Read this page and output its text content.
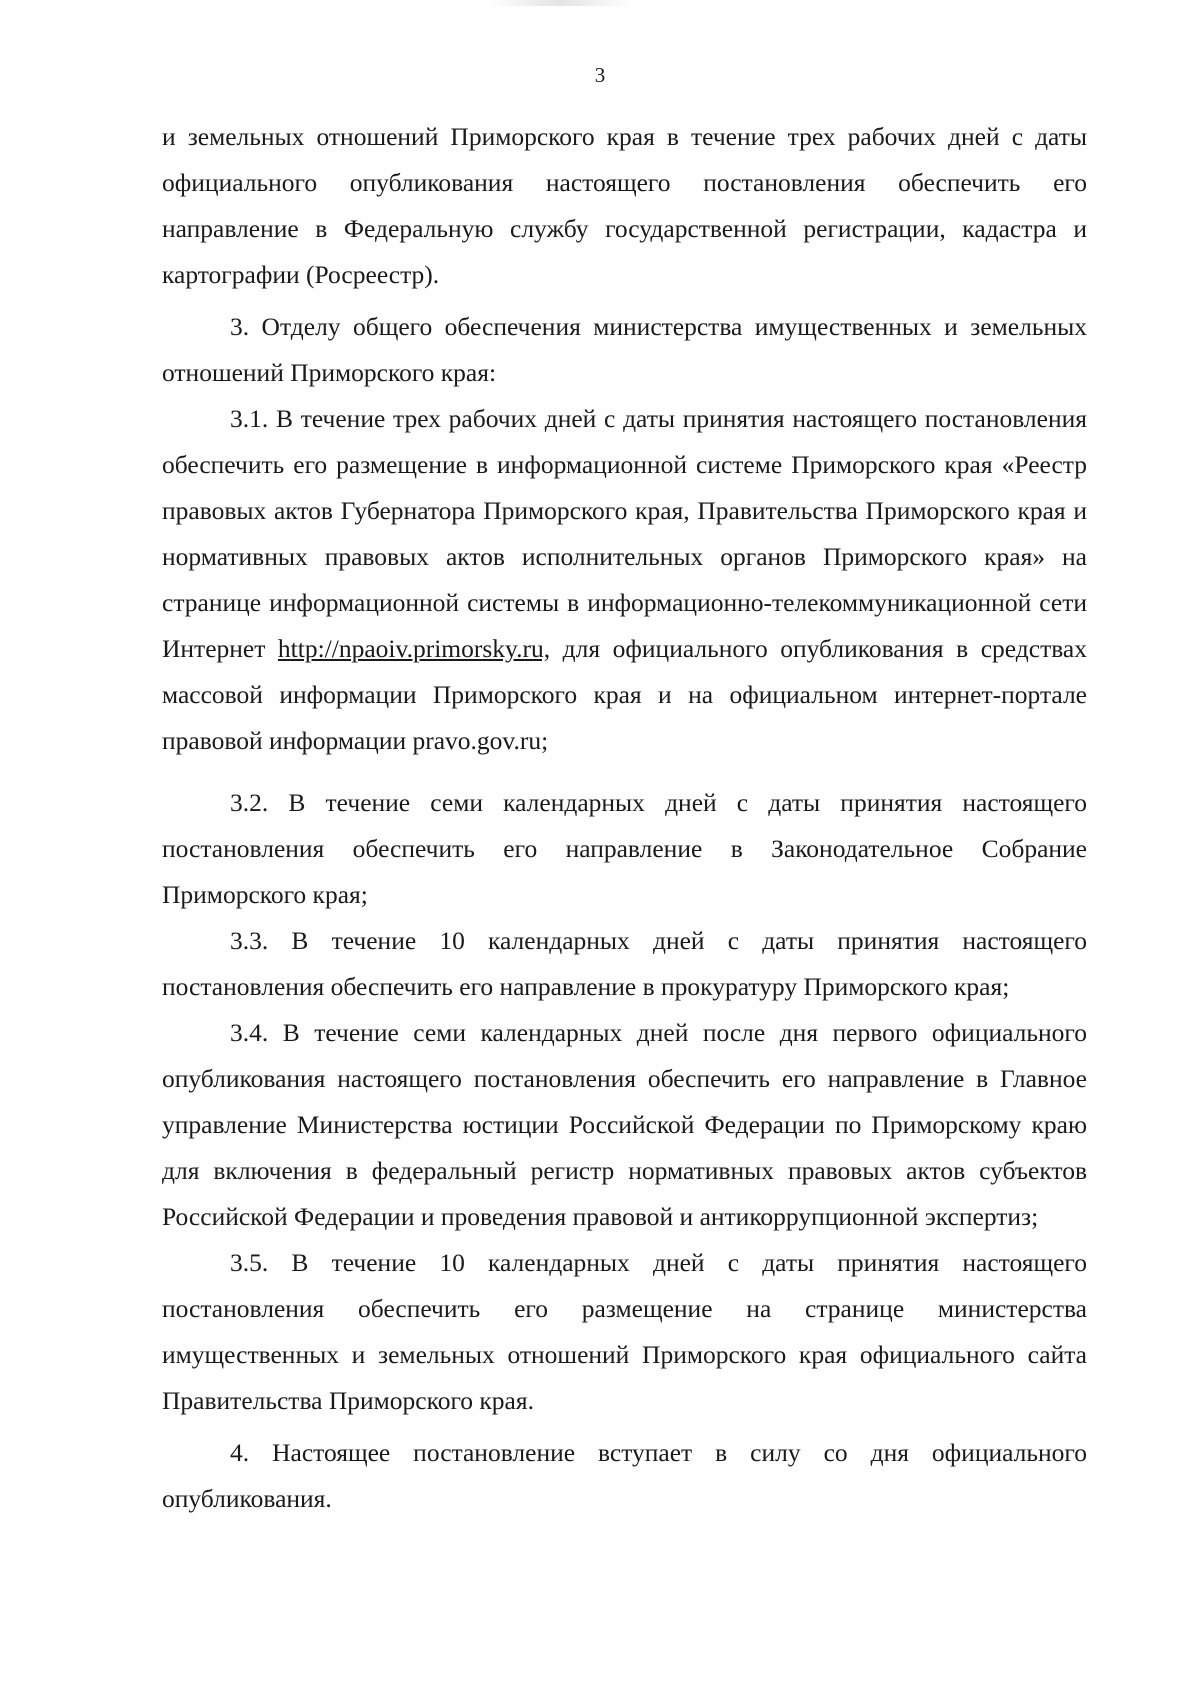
3

и земельных отношений Приморского края в течение трех рабочих дней с даты официального опубликования настоящего постановления обеспечить его направление в Федеральную службу государственной регистрации, кадастра и картографии (Росреестр).

3. Отделу общего обеспечения министерства имущественных и земельных отношений Приморского края:

3.1. В течение трех рабочих дней с даты принятия настоящего постановления обеспечить его размещение в информационной системе Приморского края «Реестр правовых актов Губернатора Приморского края, Правительства Приморского края и нормативных правовых актов исполнительных органов Приморского края» на странице информационной системы в информационно-телекоммуникационной сети Интернет http://npaoiv.primorsky.ru, для официального опубликования в средствах массовой информации Приморского края и на официальном интернет-портале правовой информации pravo.gov.ru;

3.2. В течение семи календарных дней с даты принятия настоящего постановления обеспечить его направление в Законодательное Собрание Приморского края;

3.3. В течение 10 календарных дней с даты принятия настоящего постановления обеспечить его направление в прокуратуру Приморского края;

3.4. В течение семи календарных дней после дня первого официального опубликования настоящего постановления обеспечить его направление в Главное управление Министерства юстиции Российской Федерации по Приморскому краю для включения в федеральный регистр нормативных правовых актов субъектов Российской Федерации и проведения правовой и антикоррупционной экспертиз;

3.5. В течение 10 календарных дней с даты принятия настоящего постановления обеспечить его размещение на странице министерства имущественных и земельных отношений Приморского края официального сайта Правительства Приморского края.

4. Настоящее постановление вступает в силу со дня официального опубликования.
